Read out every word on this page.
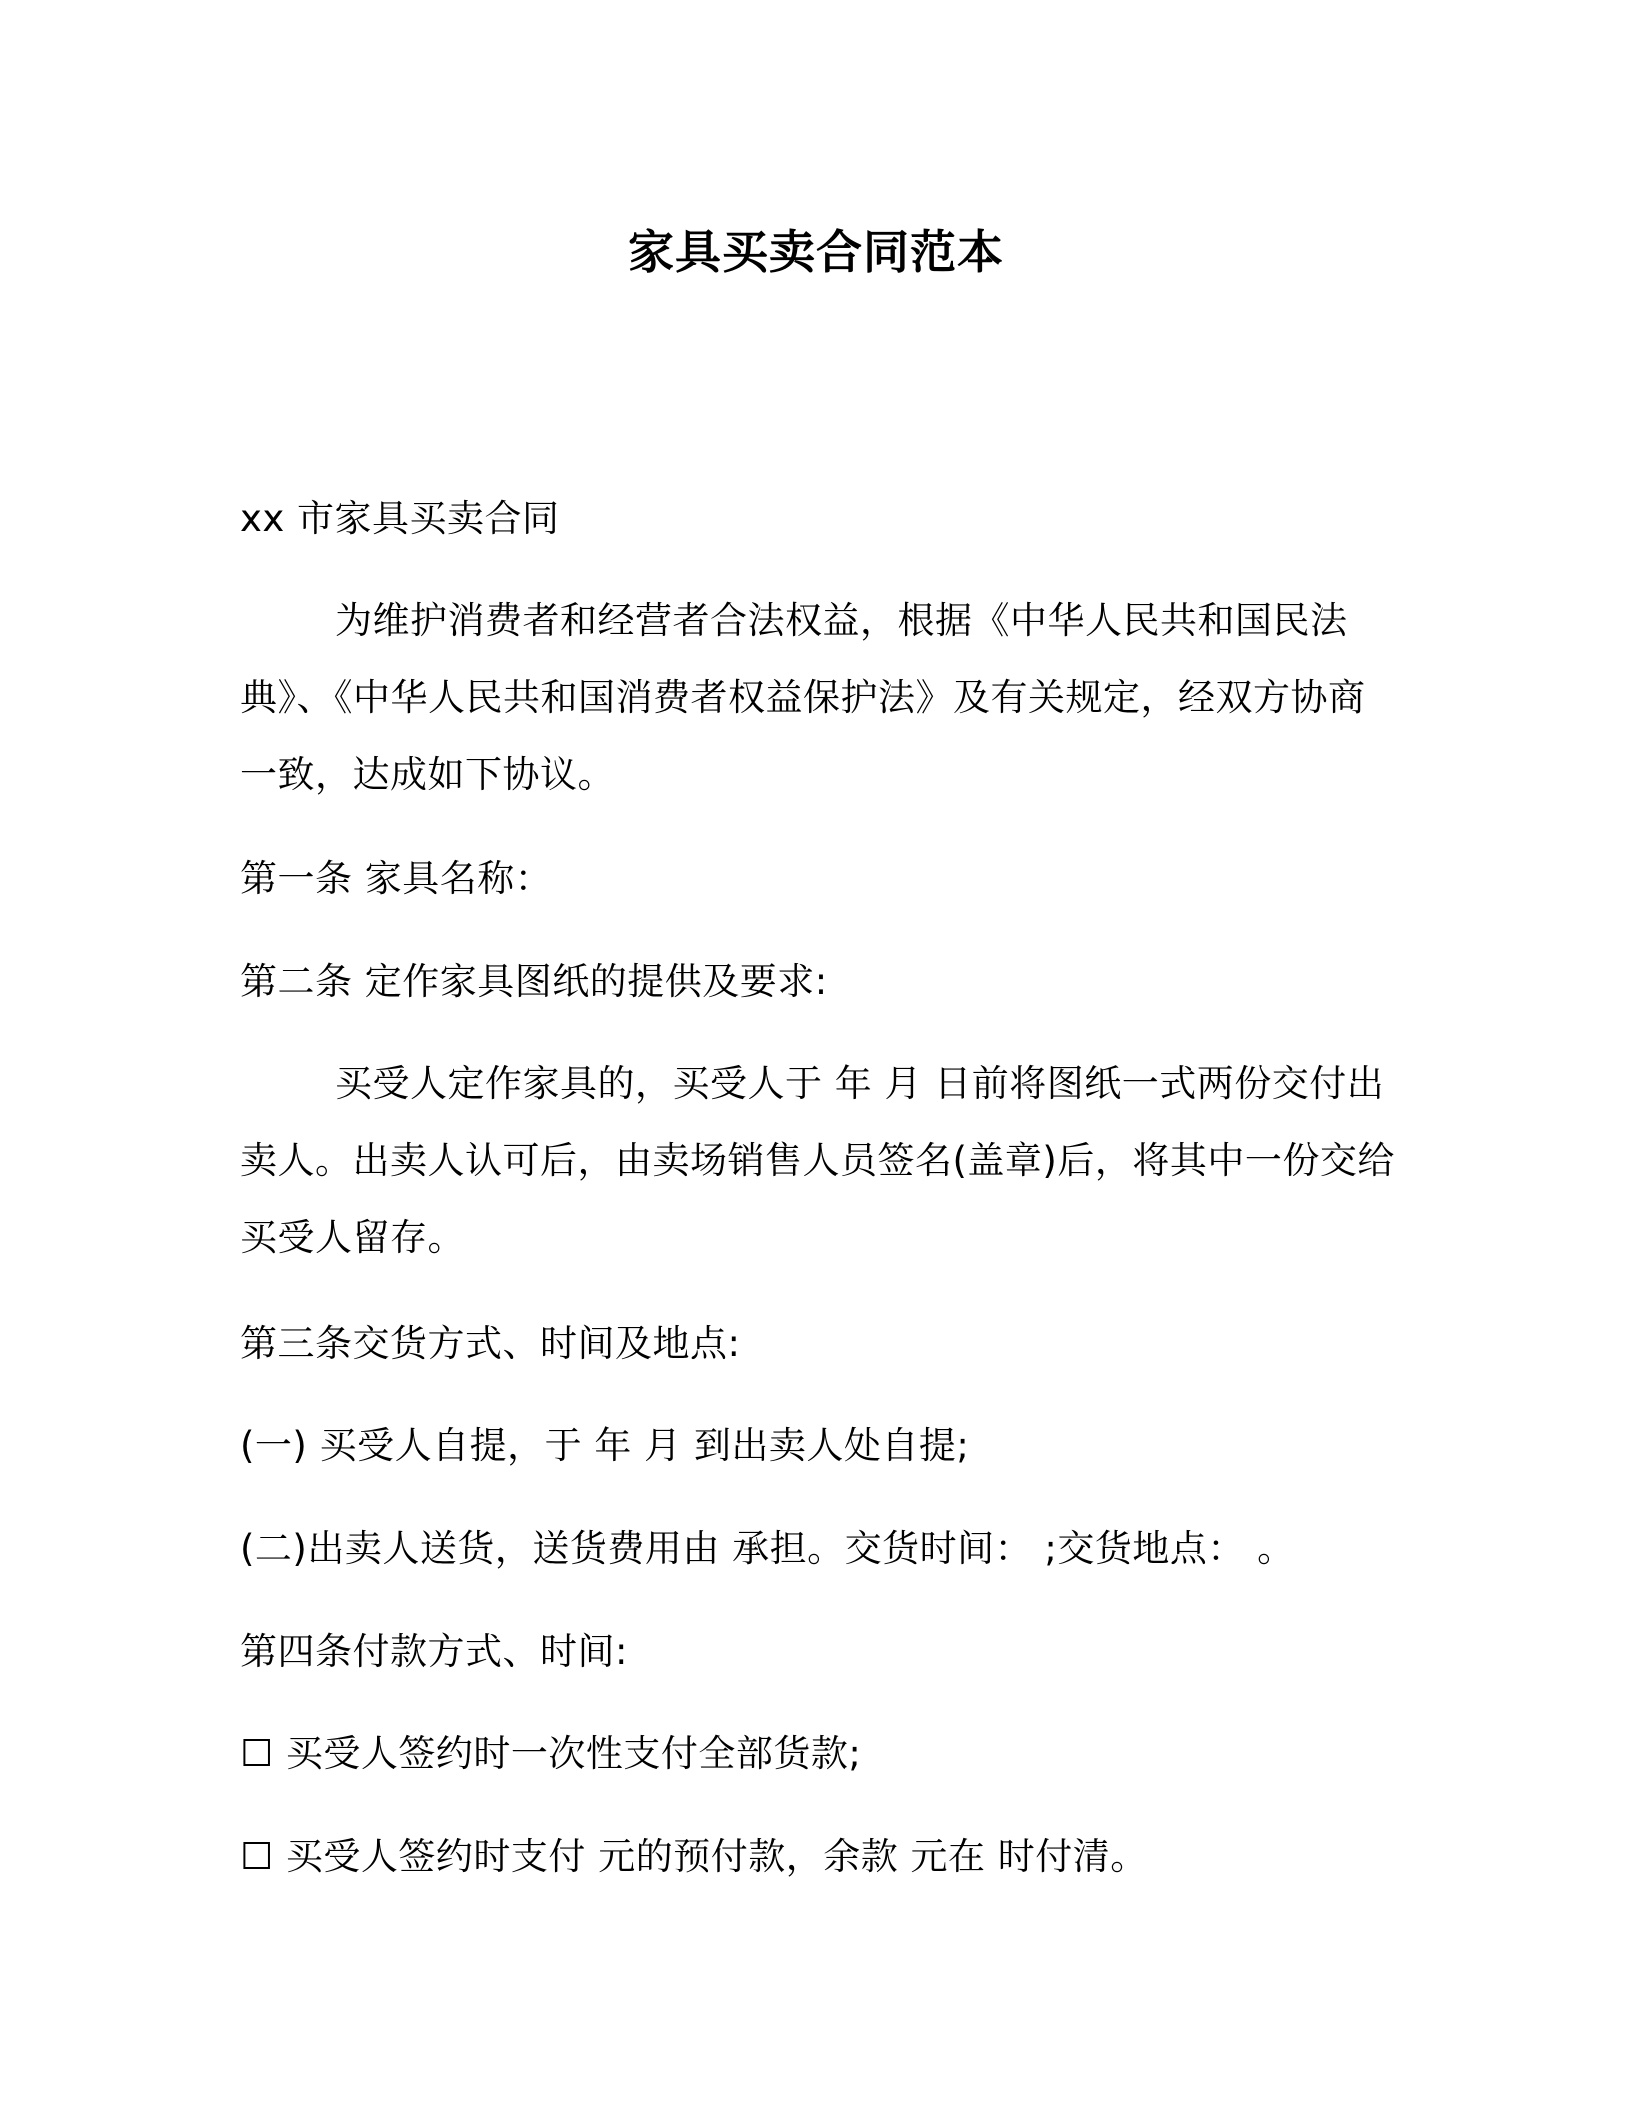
家具买卖合同范本
xx 市家具买卖合同
为维护消费者和经营者合法权益，根据《中华人民共和国民法典》、《中华人民共和国消费者权益保护法》及有关规定，经双方协商一致，达成如下协议。
第一条 家具名称：
第二条 定作家具图纸的提供及要求:
买受人定作家具的，买受人于 年 月 日前将图纸一式两份交付出卖人。出卖人认可后，由卖场销售人员签名(盖章)后，将其中一份交给买受人留存。
第三条交货方式、时间及地点:
(一) 买受人自提，于 年 月 到出卖人处自提;
(二)出卖人送货，送货费用由 承担。交货时间： ;交货地点： 。
第四条付款方式、时间:
☐ 买受人签约时一次性支付全部货款;
☐ 买受人签约时支付 元的预付款，余款 元在 时付清。
